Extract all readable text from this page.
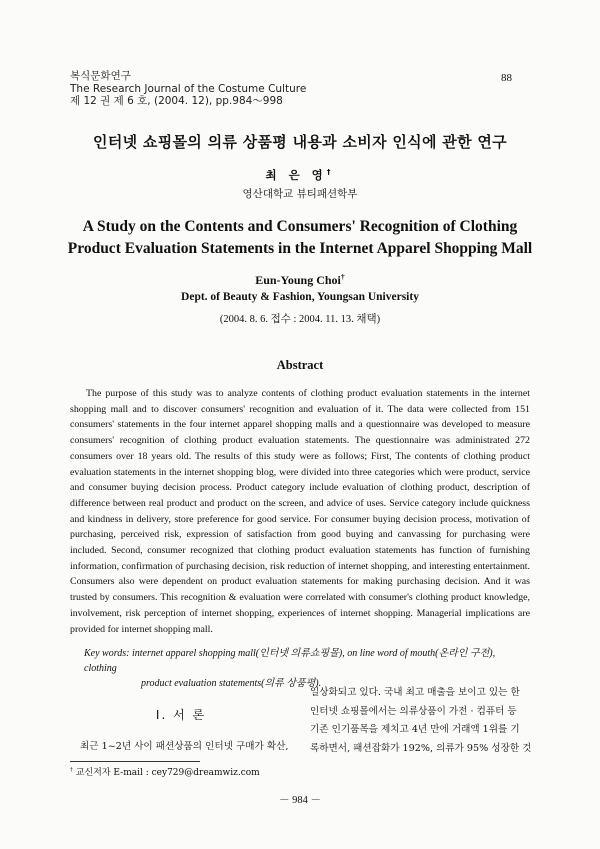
복식문화연구
The Research Journal of the Costume Culture
제 12 권 제 6 호, (2004. 12), pp.984～998
88
인터넷 쇼핑몰의 의류 상품평 내용과 소비자 인식에 관한 연구
최 은 영†
영산대학교 뷰티패션학부
A Study on the Contents and Consumers' Recognition of Clothing Product Evaluation Statements in the Internet Apparel Shopping Mall
Eun-Young Choi†
Dept. of Beauty & Fashion, Youngsan University
(2004. 8. 6. 접수 : 2004. 11. 13. 채택)
Abstract
The purpose of this study was to analyze contents of clothing product evaluation statements in the internet shopping mall and to discover consumers' recognition and evaluation of it. The data were collected from 151 consumers' statements in the four internet apparel shopping malls and a questionnaire was developed to measure consumers' recognition of clothing product evaluation statements. The questionnaire was administrated 272 consumers over 18 years old. The results of this study were as follows; First, The contents of clothing product evaluation statements in the internet shopping blog, were divided into three categories which were product, service and consumer buying decision process. Product category include evaluation of clothing product, description of difference between real product and product on the screen, and advice of uses. Service category include quickness and kindness in delivery, store preference for good service. For consumer buying decision process, motivation of purchasing, perceived risk, expression of satisfaction from good buying and canvassing for purchasing were included. Second, consumer recognized that clothing product evaluation statements has function of furnishing information, confirmation of purchasing decision, risk reduction of internet shopping, and interesting entertainment. Consumers also were dependent on product evaluation statements for making purchasing decision. And it was trusted by consumers. This recognition & evaluation were correlated with consumer's clothing product knowledge, involvement, risk perception of internet shopping, experiences of internet shopping. Managerial implications are provided for internet shopping mall.
Key words: internet apparel shopping mall(인터넷 의류쇼핑몰), on line word of mouth(온라인 구전), clothing
product evaluation statements(의류 상품평).
Ⅰ. 서 론
최근 1~2년 사이 패션상품의 인터넷 구매가 확산,
일상화되고 있다. 국내 최고 매출을 보이고 있는 한
인터넷 쇼핑몰에서는 의류상품이 가전 · 컴퓨터 등
기존 인기품목을 제치고 4년 만에 거래액 1위를 기
록하면서, 패션잡화가 192%, 의류가 95% 성장한 것
† 교신저자 E-mail : cey729@dreamwiz.com
－ 984 －
